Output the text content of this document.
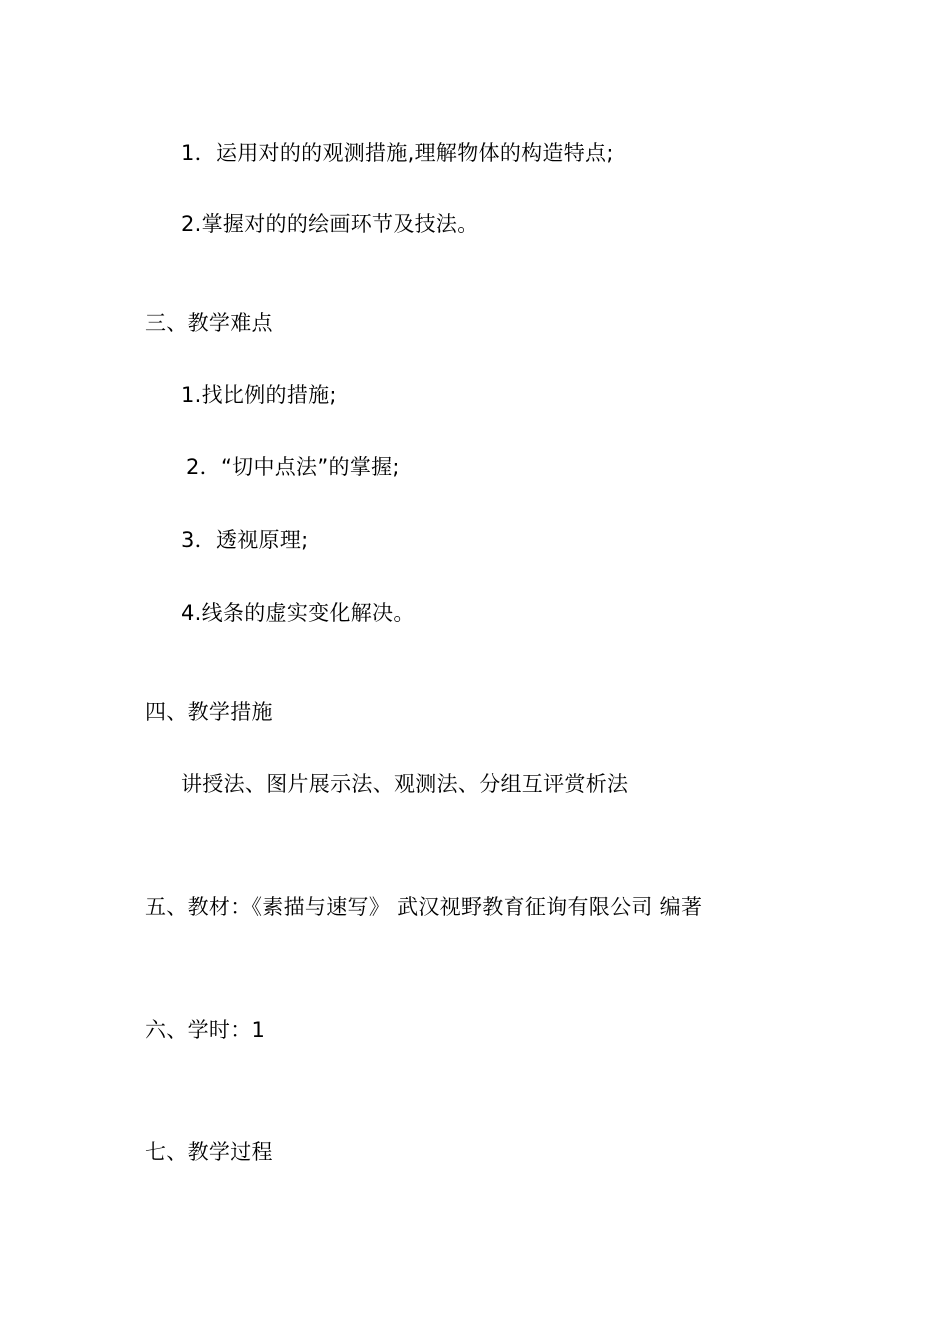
1．运用对的的观测措施,理解物体的构造特点;
2.掌握对的的绘画环节及技法。
三、教学难点
1.找比例的措施;
2．“切中点法”的掌握;
3．透视原理;
4.线条的虚实变化解决。
四、教学措施
讲授法、图片展示法、观测法、分组互评赏析法
五、教材：《素描与速写》 武汉视野教育征询有限公司 编著
六、学时：1
七、教学过程
